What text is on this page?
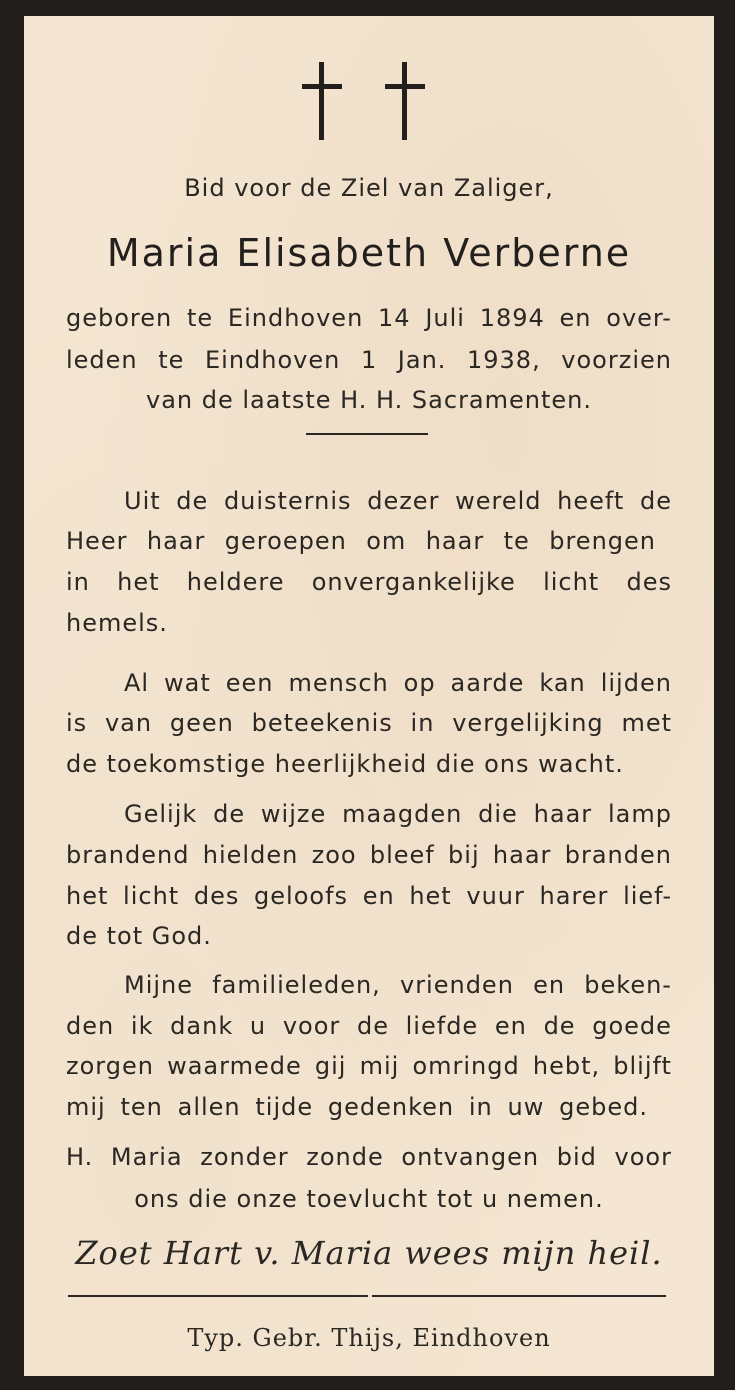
Bid voor de Ziel van Zaliger,
Maria Elisabeth Verberne
geboren te Eindhoven 14 Juli 1894 en over-
leden te Eindhoven 1 Jan. 1938, voorzien
van de laatste H. H. Sacramenten.
Uit de duisternis dezer wereld heeft de
Heer haar geroepen om haar te brengen
in het heldere onvergankelijke licht des
hemels.
Al wat een mensch op aarde kan lijden
is van geen beteekenis in vergelijking met
de toekomstige heerlijkheid die ons wacht.
Gelijk de wijze maagden die haar lamp
brandend hielden zoo bleef bij haar branden
het licht des geloofs en het vuur harer lief-
de tot God.
Mijne familieleden, vrienden en beken-
den ik dank u voor de liefde en de goede
zorgen waarmede gij mij omringd hebt, blijft
mij ten allen tijde gedenken in uw gebed.
H. Maria zonder zonde ontvangen bid voor
ons die onze toevlucht tot u nemen.
Zoet Hart v. Maria wees mijn heil.
Typ. Gebr. Thijs, Eindhoven
